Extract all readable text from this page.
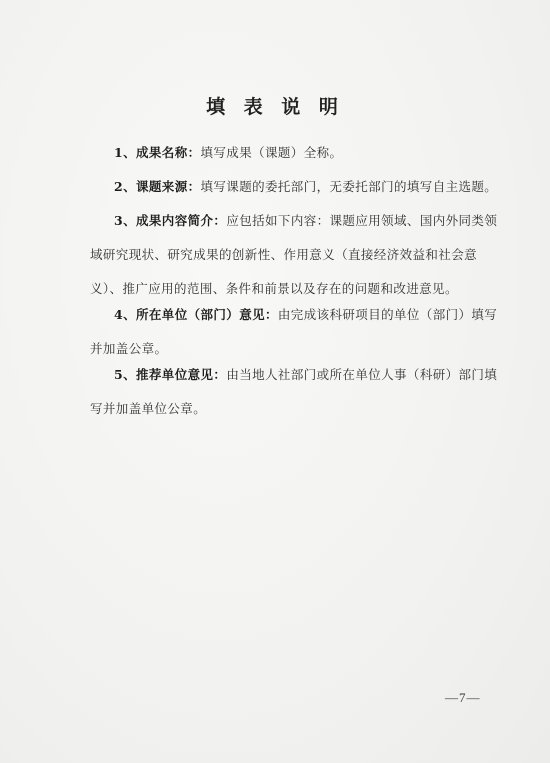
填 表 说 明
1、成果名称：填写成果（课题）全称。
2、课题来源：填写课题的委托部门，无委托部门的填写自主选题。
3、成果内容简介：应包括如下内容：课题应用领域、国内外同类领
域研究现状、研究成果的创新性、作用意义（直接经济效益和社会意
义）、推广应用的范围、条件和前景以及存在的问题和改进意见。
4、所在单位（部门）意见：由完成该科研项目的单位（部门）填写
并加盖公章。
5、推荐单位意见：由当地人社部门或所在单位人事（科研）部门填
写并加盖单位公章。
—7—
